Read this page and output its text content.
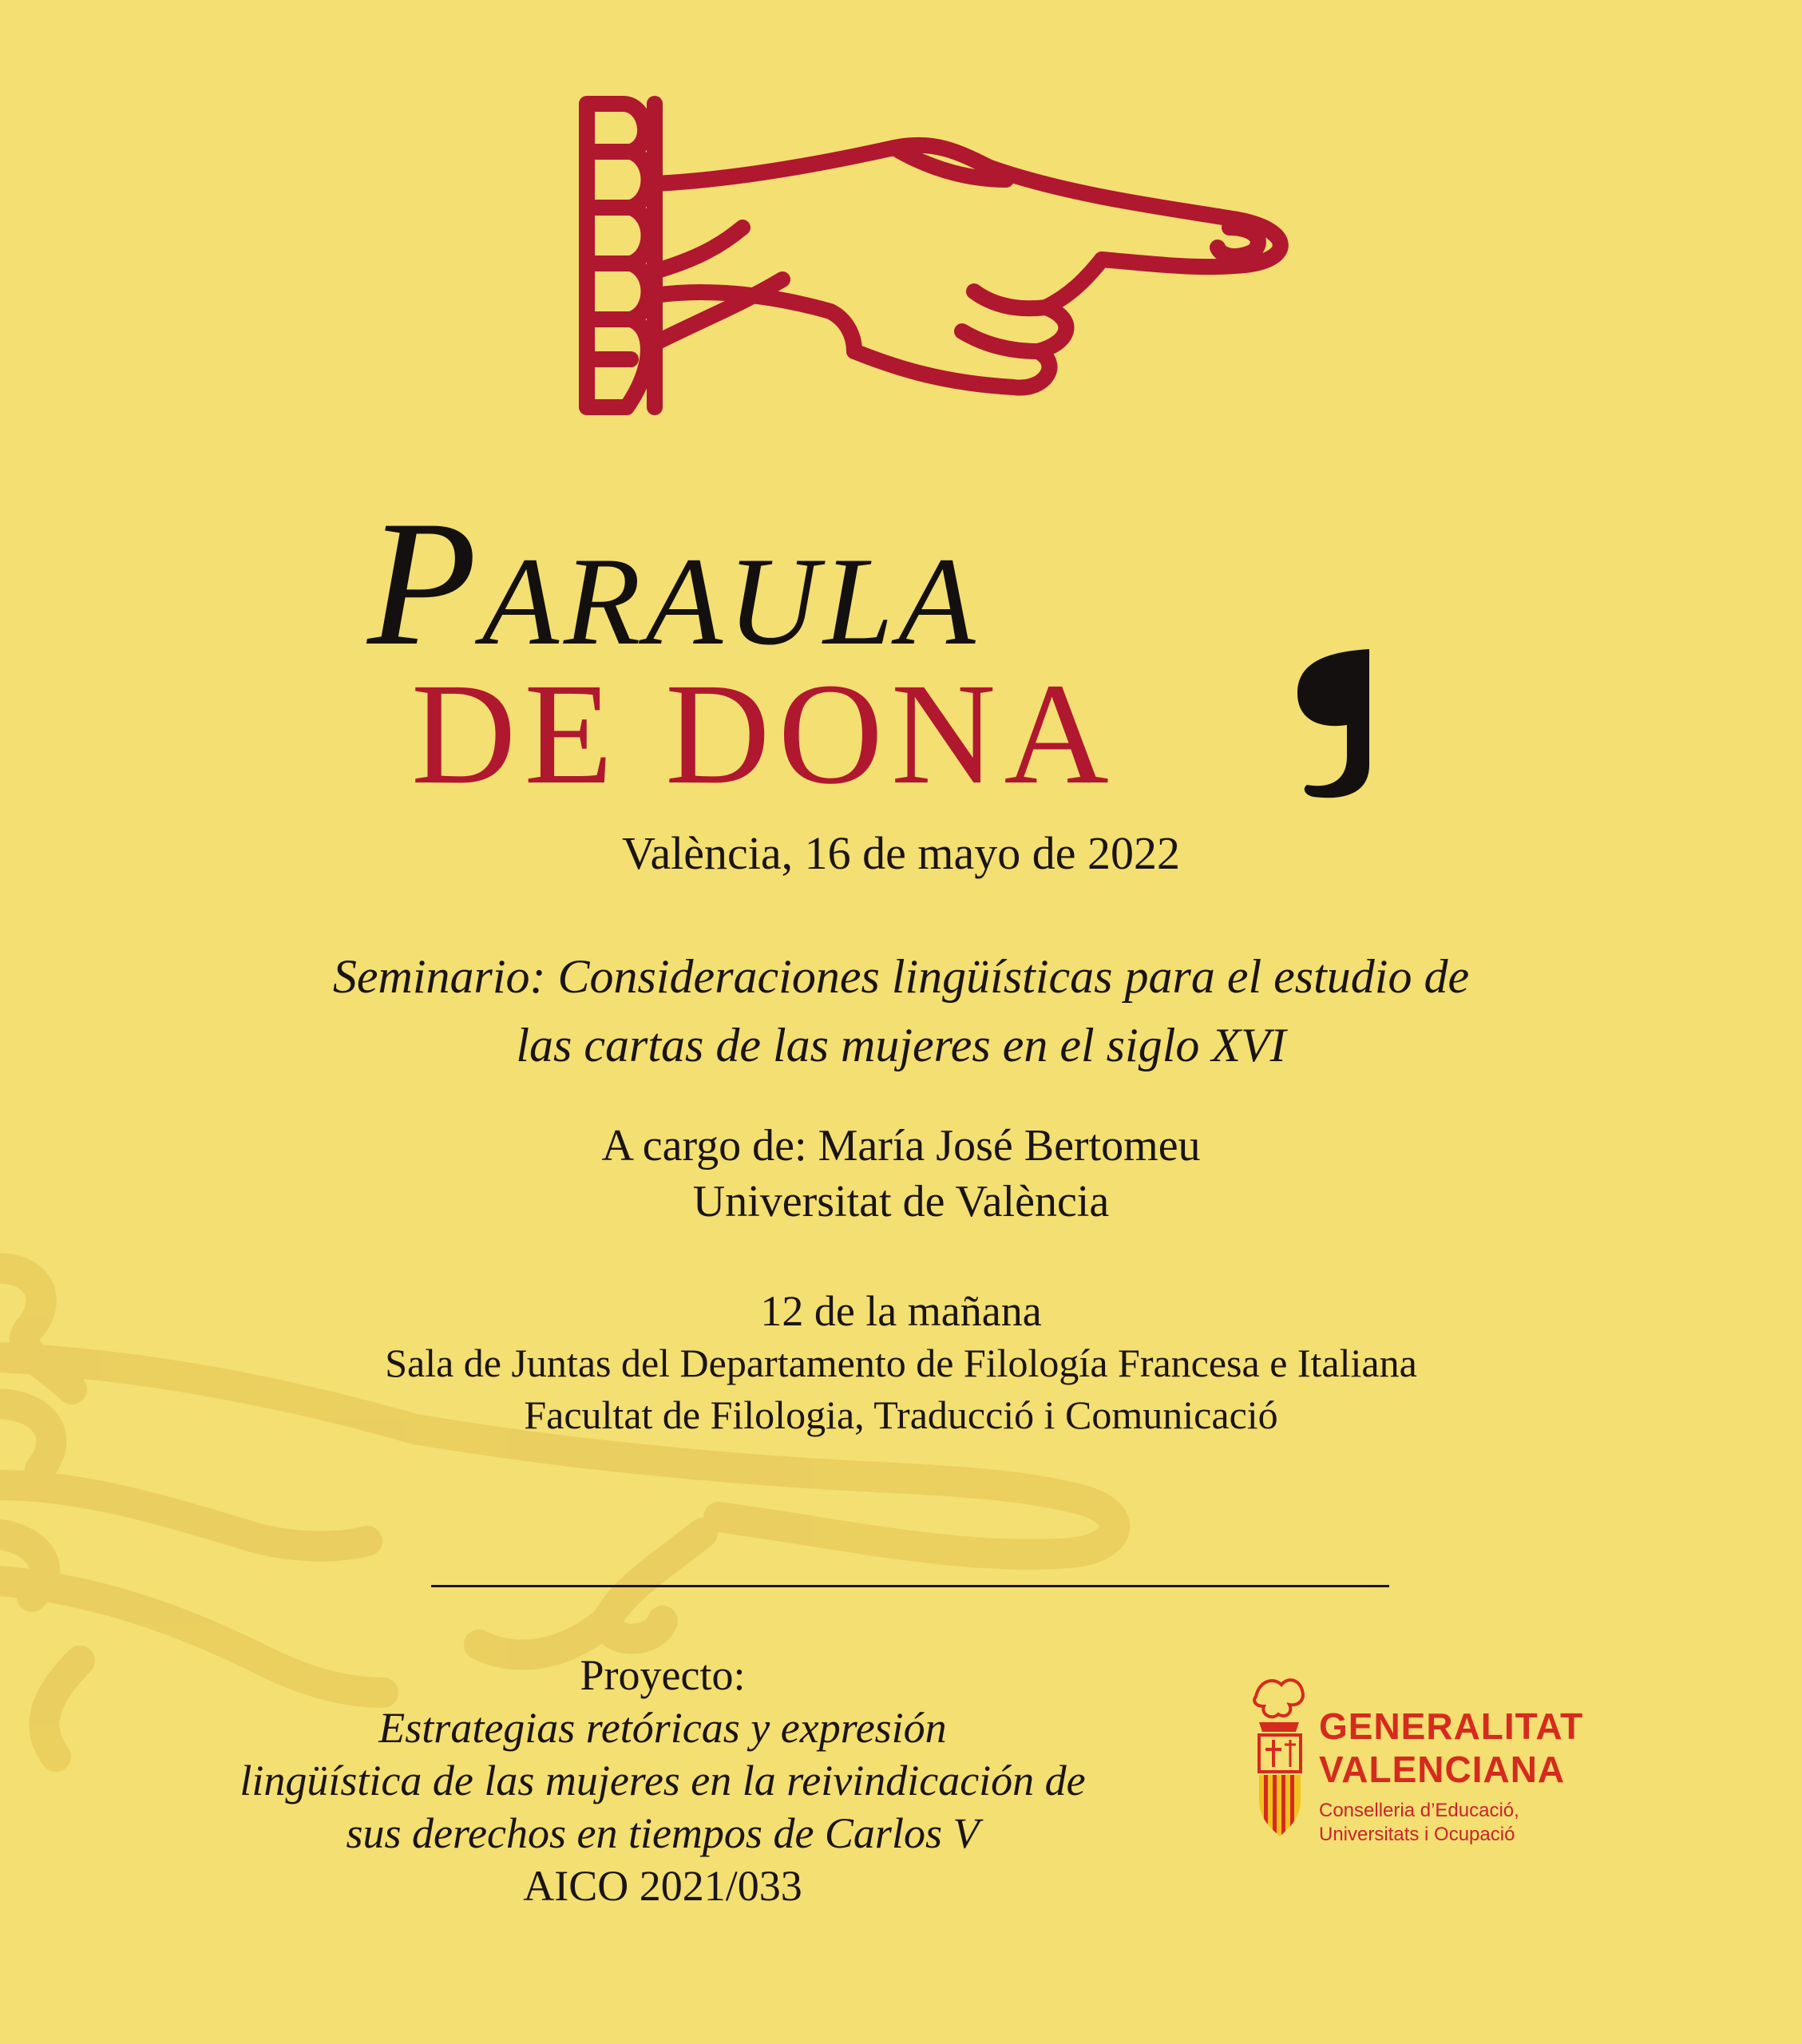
Paraula
DE DONA
València, 16 de mayo de 2022
Seminario: Consideraciones lingüísticas para el estudio de
las cartas de las mujeres en el siglo XVI
A cargo de: María José Bertomeu
Universitat de València
12 de la mañana
Sala de Juntas del Departamento de Filología Francesa e Italiana
Facultat de Filologia, Traducció i Comunicació
Proyecto:
Estrategias retóricas y expresión
lingüística de las mujeres en la reivindicación de
sus derechos en tiempos de Carlos V
AICO 2021/033
GENERALITAT
VALENCIANA
Conselleria d’Educació,
Universitats i Ocupació
